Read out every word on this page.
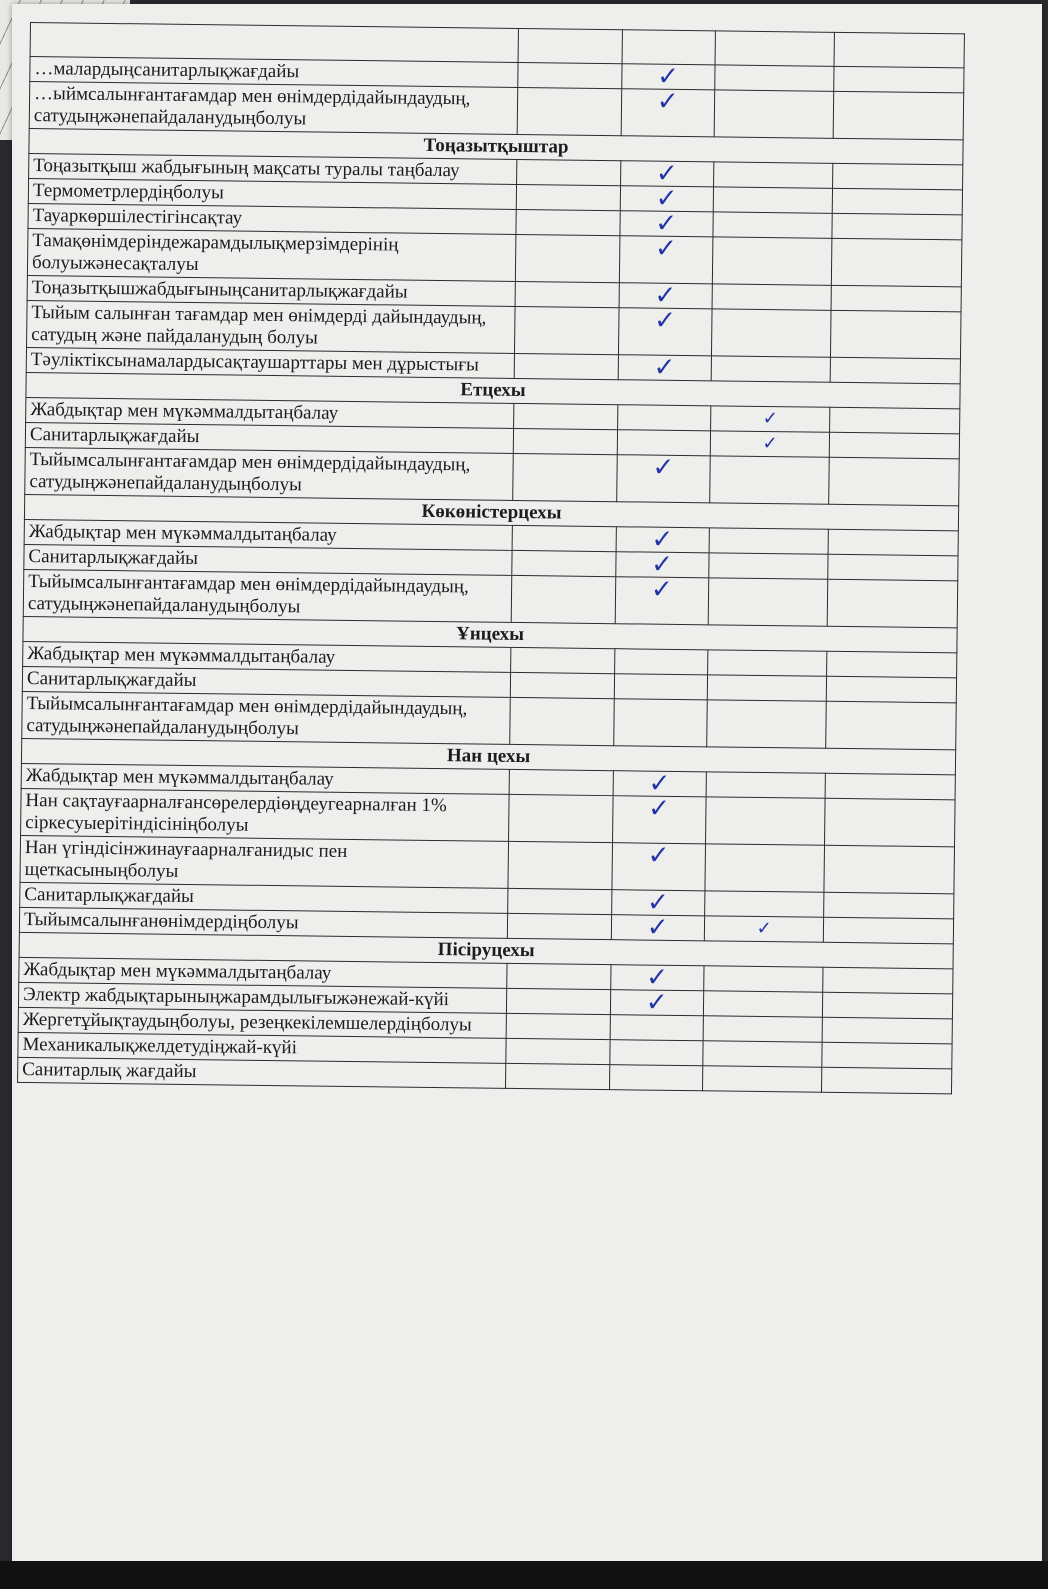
…малардыңсанитарлықжағдайы		✓		

…ыймсалынғантағамдар мен өнімдердідайындаудың, сатудыңжәнепайдаланудыңболуы		✓		

Тоңазытқыштар				
Тоңазытқыш жабдығының мақсаты туралы таңбалау		✓		

Термометрлердіңболуы		✓		

Тауаркөршілестігінсақтау		✓		

Тамақөнімдеріндежарамдылықмерзімдерінің болуыжәнесақталуы		✓		

Тоңазытқышжабдығыныңсанитарлықжағдайы		✓		

Тыйым салынған тағамдар мен өнімдерді дайындаудың, сатудың және пайдаланудың болуы		✓		

Тәуліктіксынамалардысақтаушарттары мен дұрыстығы		✓		

Етцехы				
Жабдықтар мен мүкәммалдытаңбалау			✓	

Санитарлықжағдайы			✓	

Тыйымсалынғантағамдар мен өнімдердідайындаудың, сатудыңжәнепайдаланудыңболуы		✓		

Көкөністерцехы				
Жабдықтар мен мүкәммалдытаңбалау		✓		

Санитарлықжағдайы		✓		

Тыйымсалынғантағамдар мен өнімдердідайындаудың, сатудыңжәнепайдаланудыңболуы		✓		

Ұнцехы				
Жабдықтар мен мүкәммалдытаңбалау	

Санитарлықжағдайы	

Тыйымсалынғантағамдар мен өнімдердідайындаудың, сатудыңжәнепайдаланудыңболуы	

Нан цехы				
Жабдықтар мен мүкәммалдытаңбалау		✓		

Нан сақтауғаарналғансөрелердіөңдеугеарналған 1% сіркесуыерітіндісініңболуы		✓		

Нан үгіндісінжинауғаарналғанидыс пен щеткасыныңболуы		✓		

Санитарлықжағдайы		✓		

Тыйымсалынғанөнімдердіңболуы		✓	✓	

Пісіруцехы				
Жабдықтар мен мүкәммалдытаңбалау		✓		

Электр жабдықтарыныңжарамдылығыжәнежай-күйі		✓		

Жергетұйықтаудыңболуы, резеңкекілемшелердіңболуы	

Механикалықжелдетудіңжай-күйі	

Санитарлық жағдайы	
